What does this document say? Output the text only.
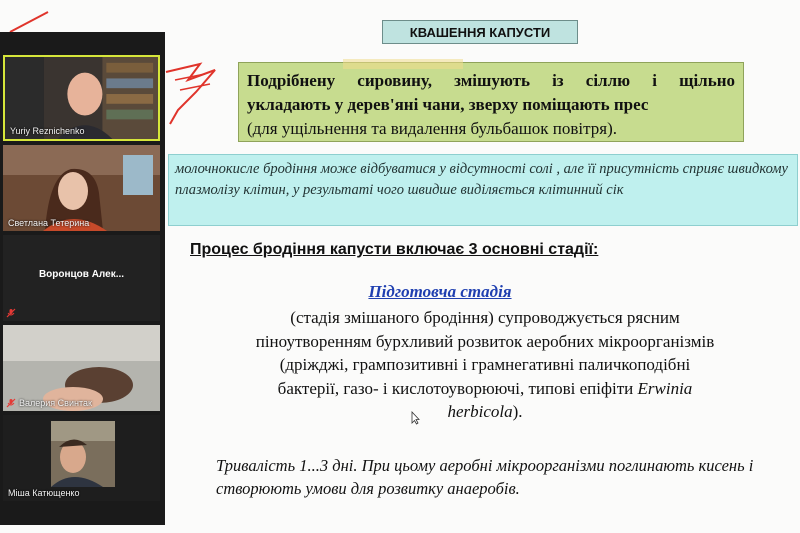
КВАШЕННЯ КАПУСТИ
Подрібнену сировину, змішують із сіллю і щільно
укладають у дерев'яні чани, зверху поміщають прес
(для ущільнення та видалення бульбашок повітря).
молочнокисле бродіння може відбуватися у відсутності солі , але її присутність сприяє швидкому плазмолізу клітин, у результаті чого швидше виділяється клітинний сік
Процес бродіння капусти включає 3 основні стадії:
Підготовча стадія
(стадія змішаного бродіння) супроводжується рясним піноутворенням бурхливий розвиток аеробних мікроорганізмів (дріжджі, грампозитивні і грамнегативні паличкоподібні бактерії, газо- і кислотоуворюючі, типові епіфіти Erwinia herbicola).
Тривалість 1...3 дні. При цьому аеробні мікроорганізми поглинають кисень і створюють умови для розвитку анаеробів.
Yuriy Reznichenko
Светлана Тетерина
Воронцов Алек...
Валерия Свинтак
Міша Катющенко
